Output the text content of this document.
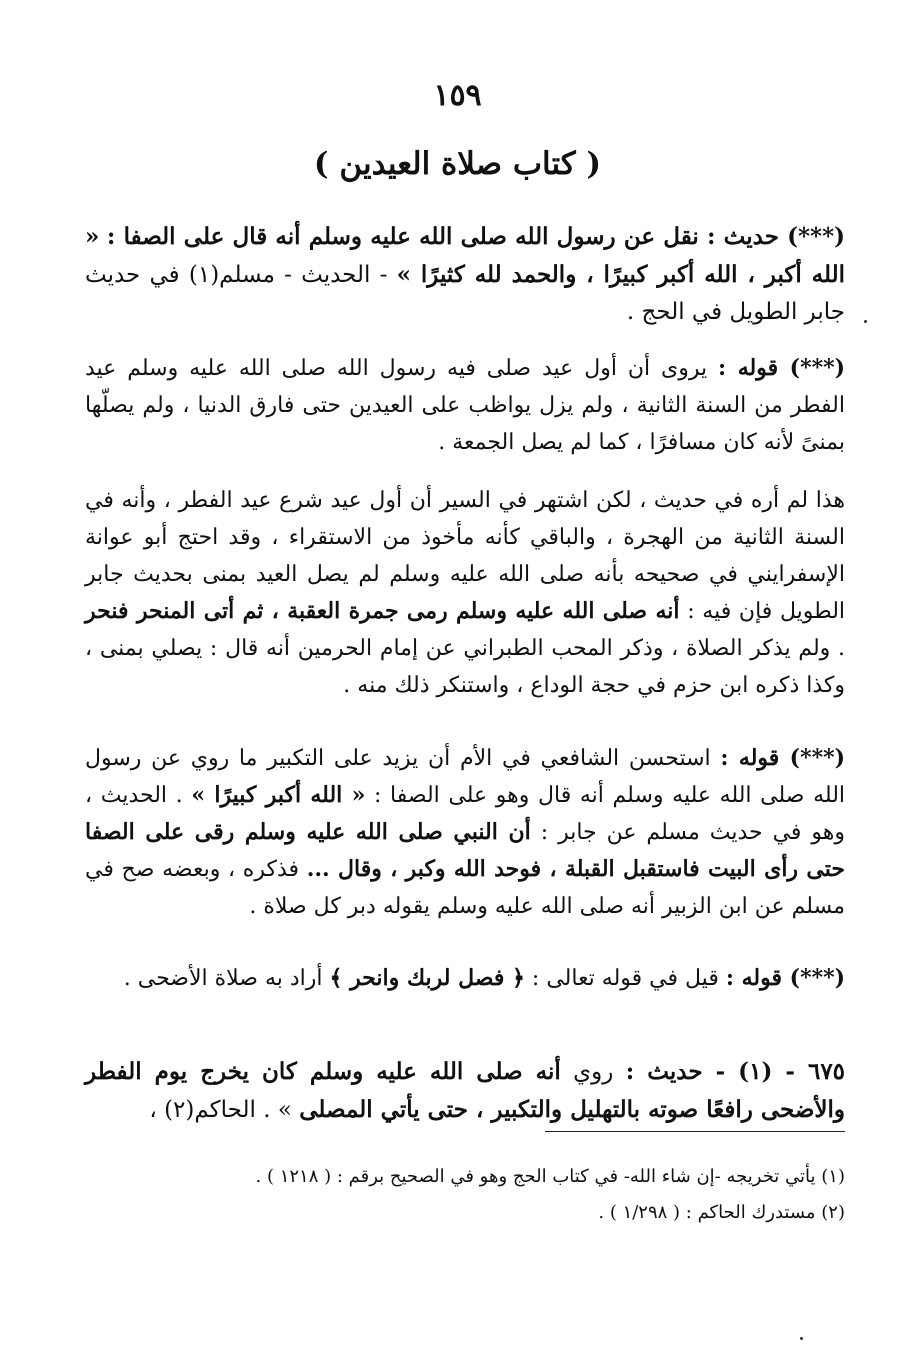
١٥٩
( كتاب صلاة العيدين )

(***) حديث : نقل عن رسول الله صلى الله عليه وسلم أنه قال على الصفا : « الله أكبر ، الله أكبر كبيرًا ، والحمد لله كثيرًا » - الحديث - مسلم(١) في حديث جابر الطويل في الحج .

(***) قوله : يروى أن أول عيد صلى فيه رسول الله صلى الله عليه وسلم عيد الفطر من السنة الثانية ، ولم يزل يواظب على العيدين حتى فارق الدنيا ، ولم يصلّها بمنىً لأنه كان مسافرًا ، كما لم يصل الجمعة .

هذا لم أره في حديث ، لكن اشتهر في السير أن أول عيد شرع عيد الفطر ، وأنه في السنة الثانية من الهجرة ، والباقي كأنه مأخوذ من الاستقراء ، وقد احتج أبو عوانة الإسفرايني في صحيحه بأنه صلى الله عليه وسلم لم يصل العيد بمنى بحديث جابر الطويل فإن فيه : أنه صلى الله عليه وسلم رمى جمرة العقبة ، ثم أتى المنحر فنحر . ولم يذكر الصلاة ، وذكر المحب الطبراني عن إمام الحرمين أنه قال : يصلي بمنى ، وكذا ذكره ابن حزم في حجة الوداع ، واستنكر ذلك منه .

(***) قوله : استحسن الشافعي في الأم أن يزيد على التكبير ما روي عن رسول الله صلى الله عليه وسلم أنه قال وهو على الصفا : « الله أكبر كبيرًا » . الحديث ، وهو في حديث مسلم عن جابر : أن النبي صلى الله عليه وسلم رقى على الصفا حتى رأى البيت فاستقبل القبلة ، فوحد الله وكبر ، وقال ... فذكره ، وبعضه صح في مسلم عن ابن الزبير أنه صلى الله عليه وسلم يقوله دبر كل صلاة .

(***) قوله : قيل في قوله تعالى : ﴿ فصل لربك وانحر ﴾ أراد به صلاة الأضحى .

٦٧٥ - (١) - حديث : روي أنه صلى الله عليه وسلم كان يخرج يوم الفطر والأضحى رافعًا صوته بالتهليل والتكبير ، حتى يأتي المصلى » . الحاكم(٢) ،

(١) يأتي تخريجه -إن شاء الله- في كتاب الحج وهو في الصحيح برقم : ( ١٢١٨ ) .

(٢) مستدرك الحاكم : ( ١/٢٩٨ ) .
